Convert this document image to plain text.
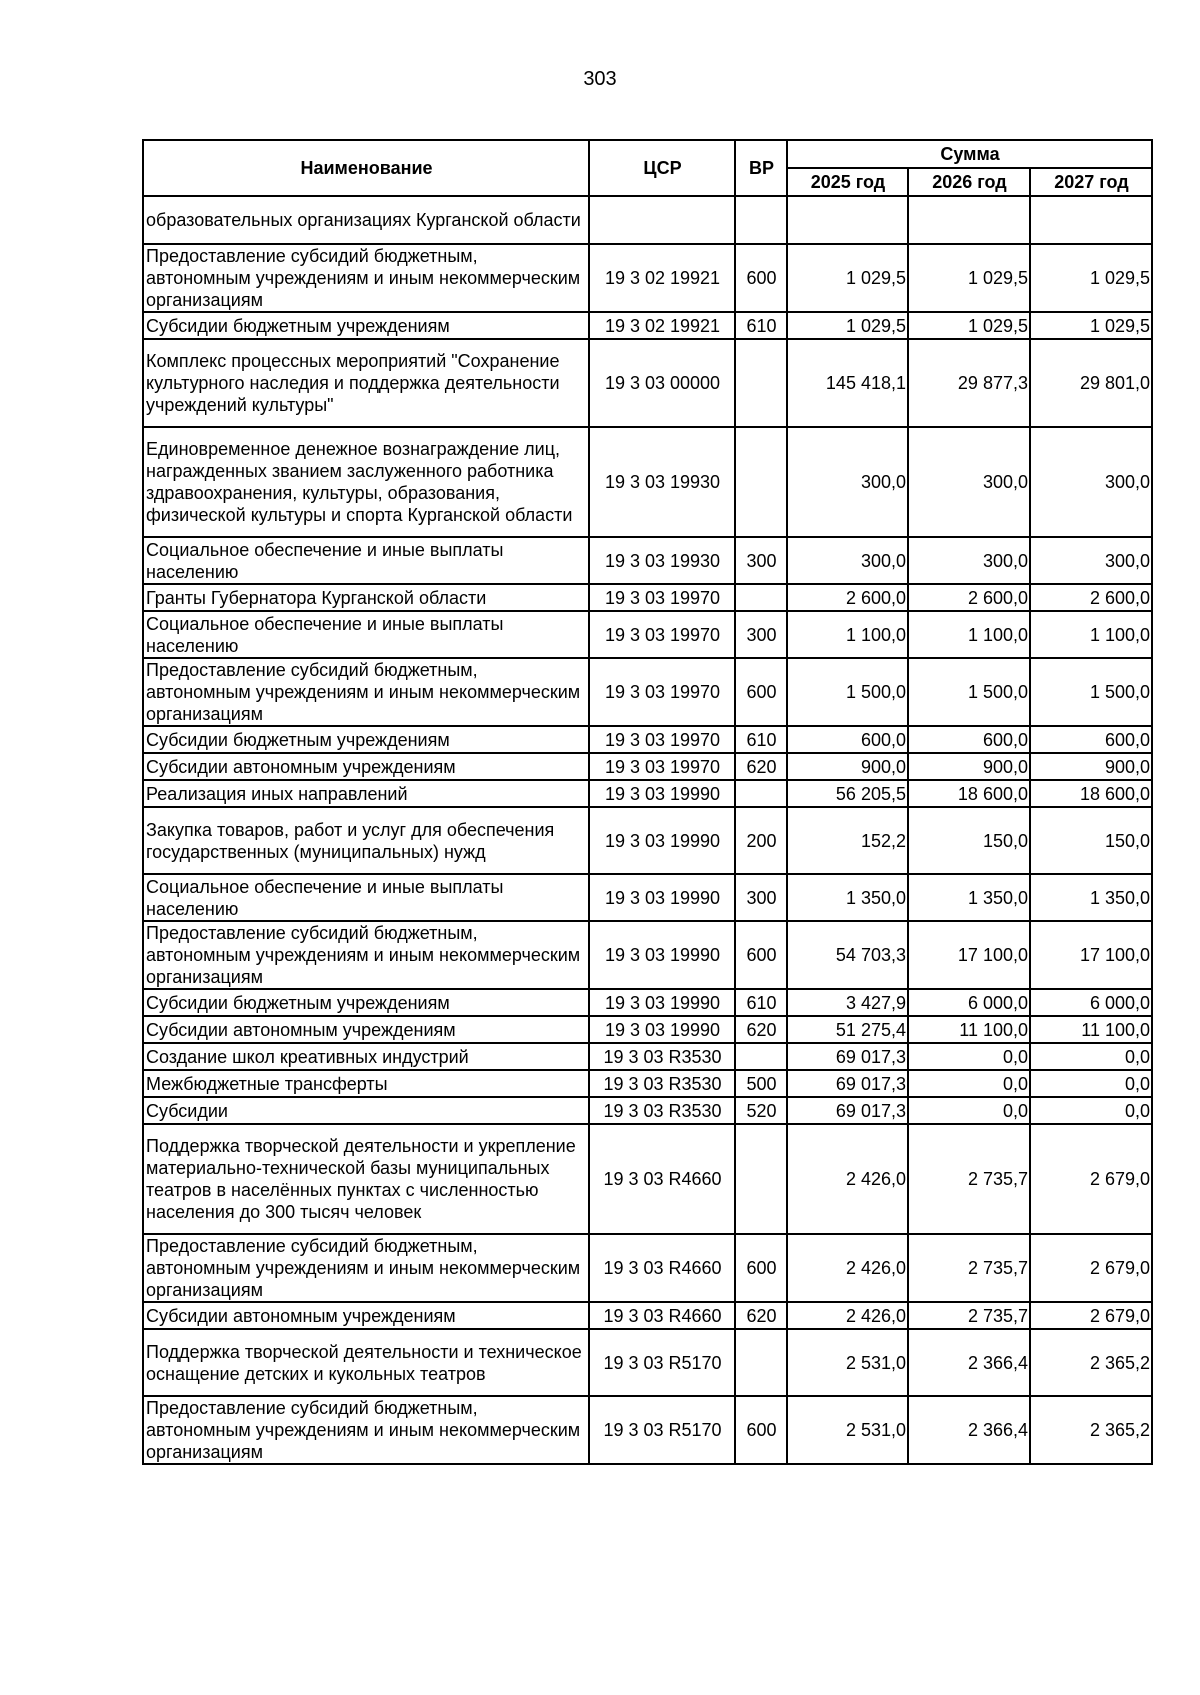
303
Наименование	ЦСР	ВР	Сумма		
			2025 год	2026 год	2027 год
образовательных организациях Курганской области					
Предоставление субсидий бюджетным, автономным учреждениям и иным некоммерческим организациям	19 3 02 19921	600	1 029,5	1 029,5	1 029,5
Субсидии бюджетным учреждениям	19 3 02 19921	610	1 029,5	1 029,5	1 029,5
Комплекс процессных мероприятий "Сохранение культурного наследия и поддержка деятельности учреждений культуры"	19 3 03 00000		145 418,1	29 877,3	29 801,0
Единовременное денежное вознаграждение лиц, награжденных званием заслуженного работника здравоохранения, культуры, образования, физической культуры и спорта Курганской области	19 3 03 19930		300,0	300,0	300,0
Социальное обеспечение и иные выплаты населению	19 3 03 19930	300	300,0	300,0	300,0
Гранты Губернатора Курганской области	19 3 03 19970		2 600,0	2 600,0	2 600,0
Социальное обеспечение и иные выплаты населению	19 3 03 19970	300	1 100,0	1 100,0	1 100,0
Предоставление субсидий бюджетным, автономным учреждениям и иным некоммерческим организациям	19 3 03 19970	600	1 500,0	1 500,0	1 500,0
Субсидии бюджетным учреждениям	19 3 03 19970	610	600,0	600,0	600,0
Субсидии автономным учреждениям	19 3 03 19970	620	900,0	900,0	900,0
Реализация иных направлений	19 3 03 19990		56 205,5	18 600,0	18 600,0
Закупка товаров, работ и услуг для обеспечения государственных (муниципальных) нужд	19 3 03 19990	200	152,2	150,0	150,0
Социальное обеспечение и иные выплаты населению	19 3 03 19990	300	1 350,0	1 350,0	1 350,0
Предоставление субсидий бюджетным, автономным учреждениям и иным некоммерческим организациям	19 3 03 19990	600	54 703,3	17 100,0	17 100,0
Субсидии бюджетным учреждениям	19 3 03 19990	610	3 427,9	6 000,0	6 000,0
Субсидии автономным учреждениям	19 3 03 19990	620	51 275,4	11 100,0	11 100,0
Создание школ креативных индустрий	19 3 03 R3530		69 017,3	0,0	0,0
Межбюджетные трансферты	19 3 03 R3530	500	69 017,3	0,0	0,0
Субсидии	19 3 03 R3530	520	69 017,3	0,0	0,0
Поддержка творческой деятельности и укрепление материально-технической базы муниципальных театров в населённых пунктах с численностью населения до 300 тысяч человек	19 3 03 R4660		2 426,0	2 735,7	2 679,0
Предоставление субсидий бюджетным, автономным учреждениям и иным некоммерческим организациям	19 3 03 R4660	600	2 426,0	2 735,7	2 679,0
Субсидии автономным учреждениям	19 3 03 R4660	620	2 426,0	2 735,7	2 679,0
Поддержка творческой деятельности и техническое оснащение детских и кукольных театров	19 3 03 R5170		2 531,0	2 366,4	2 365,2
Предоставление субсидий бюджетным, автономным учреждениям и иным некоммерческим организациям	19 3 03 R5170	600	2 531,0	2 366,4	2 365,2
